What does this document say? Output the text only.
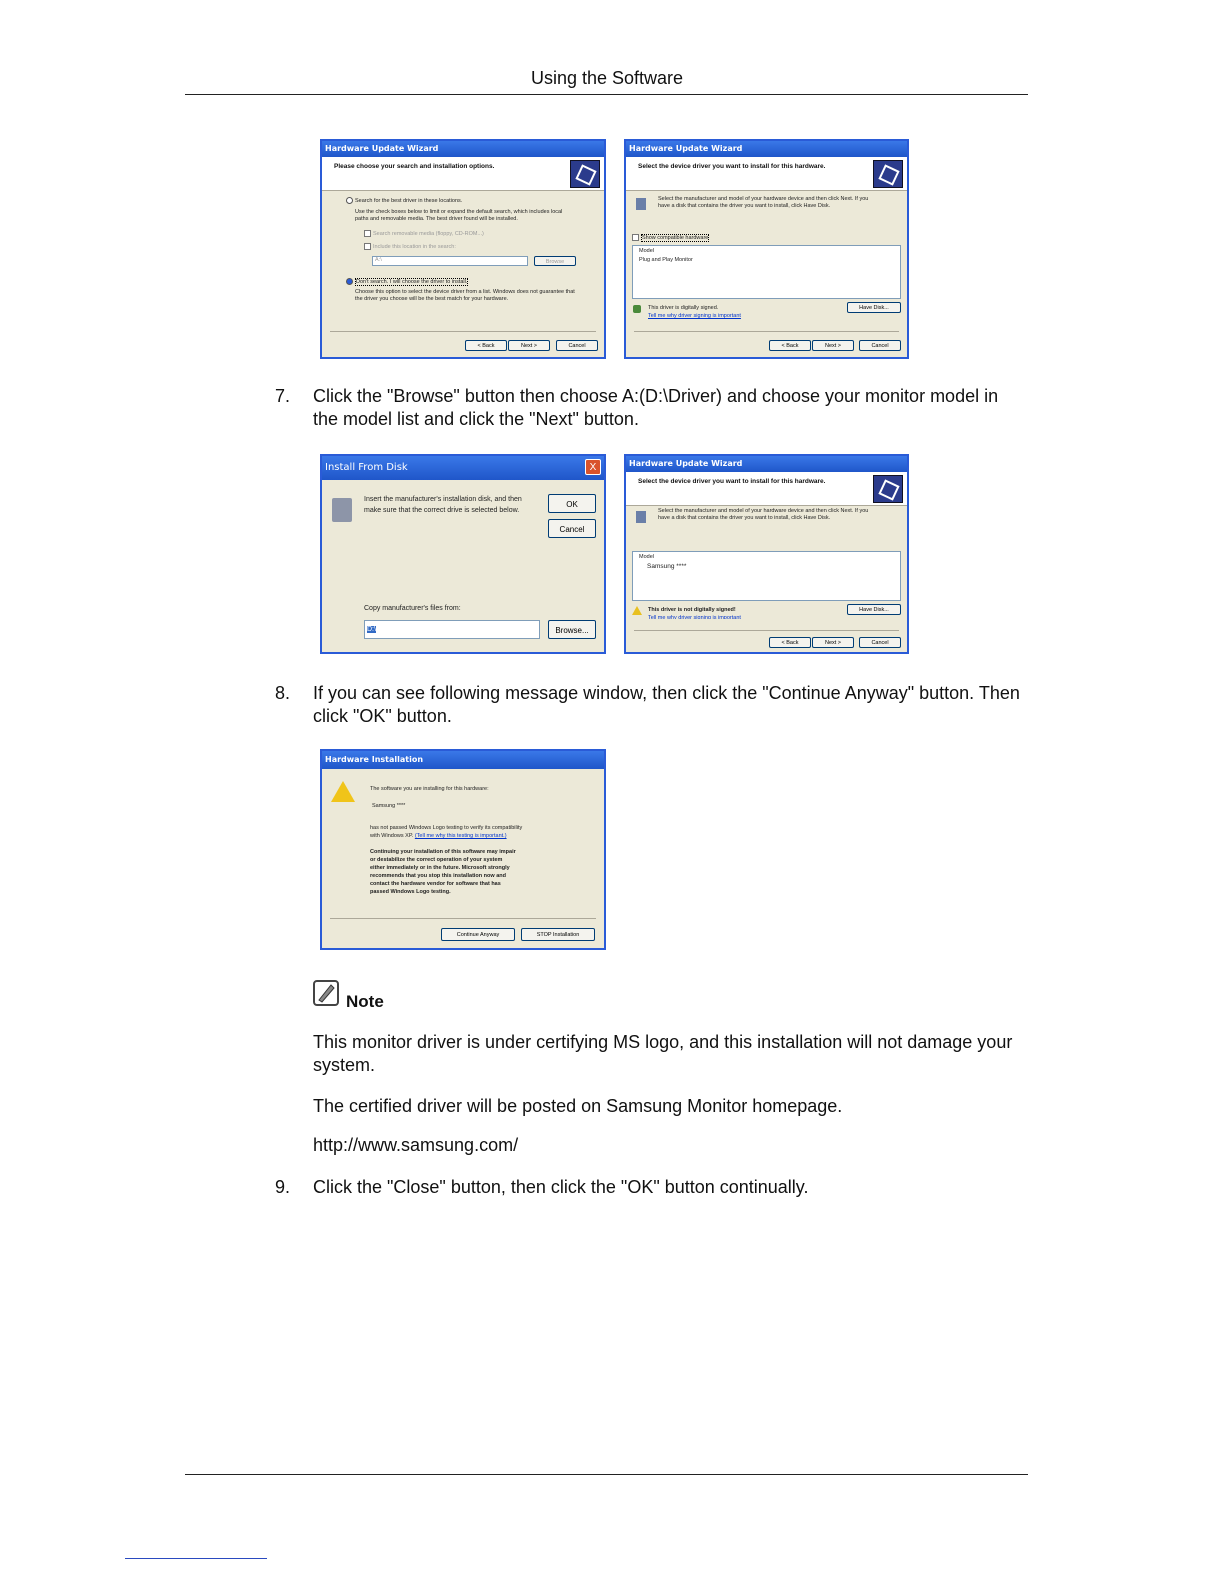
Using the Software
Hardware Update Wizard
Please choose your search and installation options.
Search for the best driver in these locations.
Use the check boxes below to limit or expand the default search, which includes local
paths and removable media. The best driver found will be installed.
Search removable media (floppy, CD-ROM...)
Include this location in the search:
A:\	Browse
Don't search. I will choose the driver to install.
Choose this option to select the device driver from a list. Windows does not guarantee that
the driver you choose will be the best match for your hardware.
< Back	Next >	Cancel
Hardware Update Wizard
Select the device driver you want to install for this hardware.
Select the manufacturer and model of your hardware device and then click Next. If you
have a disk that contains the driver you want to install, click Have Disk.
Show compatible hardware
Model
Plug and Play Monitor
This driver is digitally signed.
Tell me why driver signing is important
Have Disk...
< Back	Next >	Cancel
7. Click the "Browse" button then choose A:(D:\Driver) and choose your monitor model in the model list and click the "Next" button.
Install From Disk	X
Insert the manufacturer's installation disk, and then
make sure that the correct drive is selected below.
OK
Cancel
Copy manufacturer's files from:
D:\	Browse...
Hardware Update Wizard
Select the device driver you want to install for this hardware.
Select the manufacturer and model of your hardware device and then click Next. If you
have a disk that contains the driver you want to install, click Have Disk.
Model
Samsung ****
This driver is not digitally signed!
Tell me why driver signing is important
Have Disk...
< Back	Next >	Cancel
8. If you can see following message window, then click the "Continue Anyway" button. Then click "OK" button.
Hardware Installation
The software you are installing for this hardware:
Samsung ****
has not passed Windows Logo testing to verify its compatibility
with Windows XP. (Tell me why this testing is important.)
Continuing your installation of this software may impair
or destabilize the correct operation of your system
either immediately or in the future. Microsoft strongly
recommends that you stop this installation now and
contact the hardware vendor for software that has
passed Windows Logo testing.
Continue Anyway	STOP Installation
Note
This monitor driver is under certifying MS logo, and this installation will not damage your system.
The certified driver will be posted on Samsung Monitor homepage.
http://www.samsung.com/
9. Click the "Close" button, then click the "OK" button continually.
